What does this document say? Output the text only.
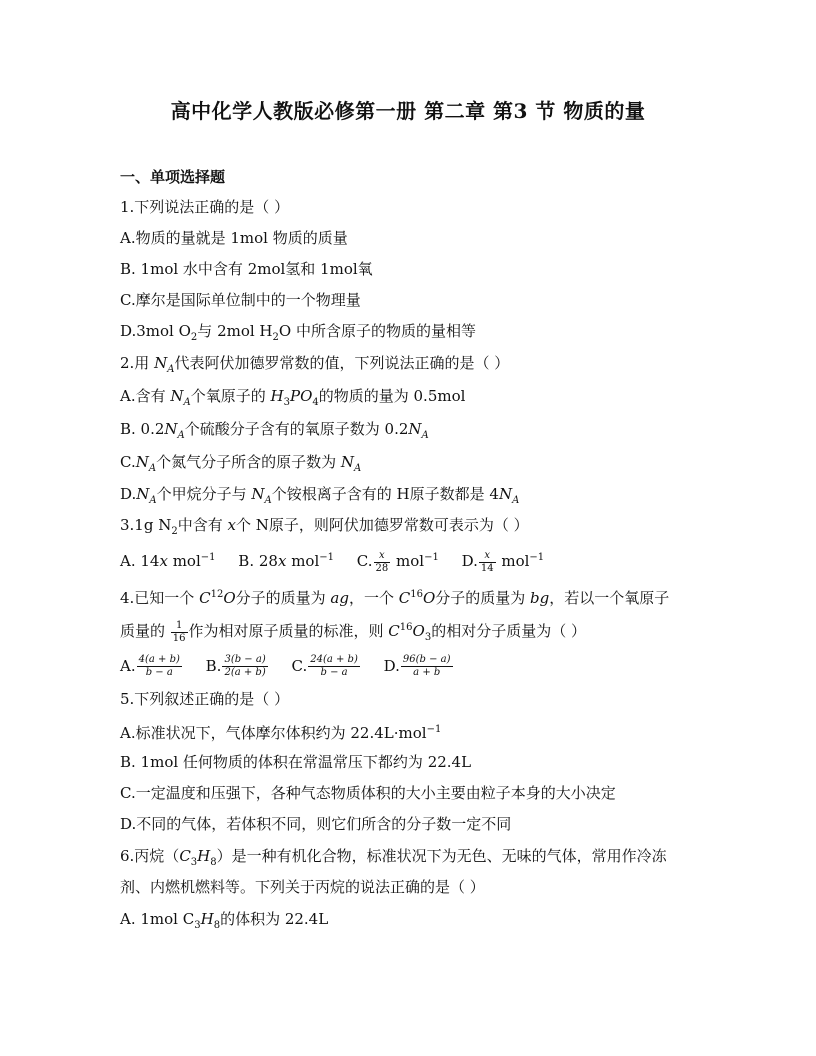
高中化学人教版必修第一册 第二章 第3 节 物质的量
一、单项选择题
1.下列说法正确的是（ ）
A.物质的量就是 1mol 物质的质量
B. 1mol 水中含有 2mol氢和 1mol氧
C.摩尔是国际单位制中的一个物理量
D.3mol $O_2$与 2mol $H_2O$ 中所含原子的物质的量相等
2.用 $N_A$代表阿伏加德罗常数的值，下列说法正确的是（ ）
A.含有 $N_A$个氧原子的 $H_3PO_4$的物质的量为 0.5mol
B. $0.2N_A$个硫酸分子含有的氧原子数为 $0.2N_A$
$C.N_A$个氮气分子所含的原子数为 $N_A$
$D.N_A$个甲烷分子与 $N_A$个铵根离子含有的 H原子数都是 $4N_A$
3.1g $N_2$中含有 x个 N原子，则阿伏加德罗常数可表示为（ ）
A. 14x mol$^{-1}$ B. 28x mol$^{-1}$ C. $\frac{x}{28} mol^{-1}$ D. $\frac{x}{14} mol^{-1}$
4.已知一个 $C^{12}O$分子的质量为 ag，一个 $C^{16}O$分子的质量为 bg，若以一个氧原子
质量的 $\frac{1}{16}$ 作为相对原子质量的标准，则 $C^{16}O_3$的相对分子质量为（ ）
A. $\frac{4(a + b)}{b - a} B$. $\frac{3(b - a)}{2(a + b)} C$. $\frac{24(a + b)}{b - a} D$. $\frac{96(b - a)}{a + b}$
5.下列叙述正确的是（ ）
A.标准状况下，气体摩尔体积约为 22.4L·mol$^{-1}$
B. 1mol 任何物质的体积在常温常压下都约为 22.4L
C.一定温度和压强下，各种气态物质体积的大小主要由粒子本身的大小决定
D.不同的气体，若体积不同，则它们所含的分子数一定不同
6.丙烷$(C_3H_8)$是一种有机化合物，标准状况下为无色、无味的气体，常用作冷冻
剂、内燃机燃料等。下列关于丙烷的说法正确的是（ ）
A. 1mol $C_3H_8$的体积为 22.4L
